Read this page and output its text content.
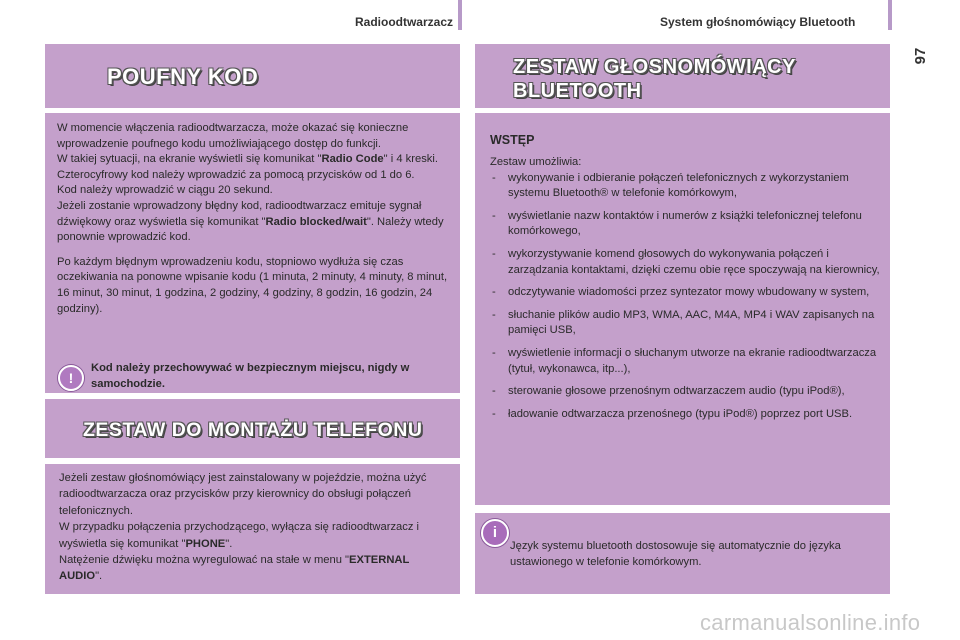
Radioodtwarzacz	System głośnomówiący Bluetooth
97
POUFNY KOD

W momencie włączenia radioodtwarzacza, może okazać się konieczne wprowadzenie poufnego kodu umożliwiającego dostęp do funkcji.

W takiej sytuacji, na ekranie wyświetli się komunikat "Radio Code" i 4 kreski.

Czterocyfrowy kod należy wprowadzić za pomocą przycisków od 1 do 6.

Kod należy wprowadzić w ciągu 20 sekund.

Jeżeli zostanie wprowadzony błędny kod, radioodtwarzacz emituje sygnał dźwiękowy oraz wyświetla się komunikat "Radio blocked/wait". Należy wtedy ponownie wprowadzić kod.

Po każdym błędnym wprowadzeniu kodu, stopniowo wydłuża się czas oczekiwania na ponowne wpisanie kodu (1 minuta, 2 minuty, 4 minuty, 8 minut, 16 minut, 30 minut, 1 godzina, 2 godziny, 4 godziny, 8 godzin, 16 godzin, 24 godziny).

!
Kod należy przechowywać w bezpiecznym miejscu, nigdy w samochodzie.
ZESTAW DO MONTAŻU TELEFONU

Jeżeli zestaw głośnomówiący jest zainstalowany w pojeździe, można użyć radioodtwarzacza oraz przycisków przy kierownicy do obsługi połączeń telefonicznych.

W przypadku połączenia przychodzącego, wyłącza się radioodtwarzacz i wyświetla się komunikat "PHONE".

Natężenie dźwięku można wyregulować na stałe w menu "EXTERNAL AUDIO".

ZESTAW GŁOSNOMÓWIĄCY
BLUETOOTH
WSTĘP

Zestaw umożliwia:

- wykonywanie i odbieranie połączeń telefonicznych z wykorzystaniem systemu Bluetooth® w telefonie komórkowym,
- wyświetlanie nazw kontaktów i numerów z książki telefonicznej telefonu komórkowego,
- wykorzystywanie komend głosowych do wykonywania połączeń i zarządzania kontaktami, dzięki czemu obie ręce spoczywają na kierownicy,
- odczytywanie wiadomości przez syntezator mowy wbudowany w system,
- słuchanie plików audio MP3, WMA, AAC, M4A, MP4 i WAV zapisanych na pamięci USB,
- wyświetlenie informacji o słuchanym utworze na ekranie radioodtwarzacza (tytuł, wykonawca, itp...),
- sterowanie głosowe przenośnym odtwarzaczem audio (typu iPod®),
- ładowanie odtwarzacza przenośnego (typu iPod®) poprzez port USB.
i
Język systemu bluetooth dostosowuje się automatycznie do języka ustawionego w telefonie komórkowym.
carmanualsonline.info
